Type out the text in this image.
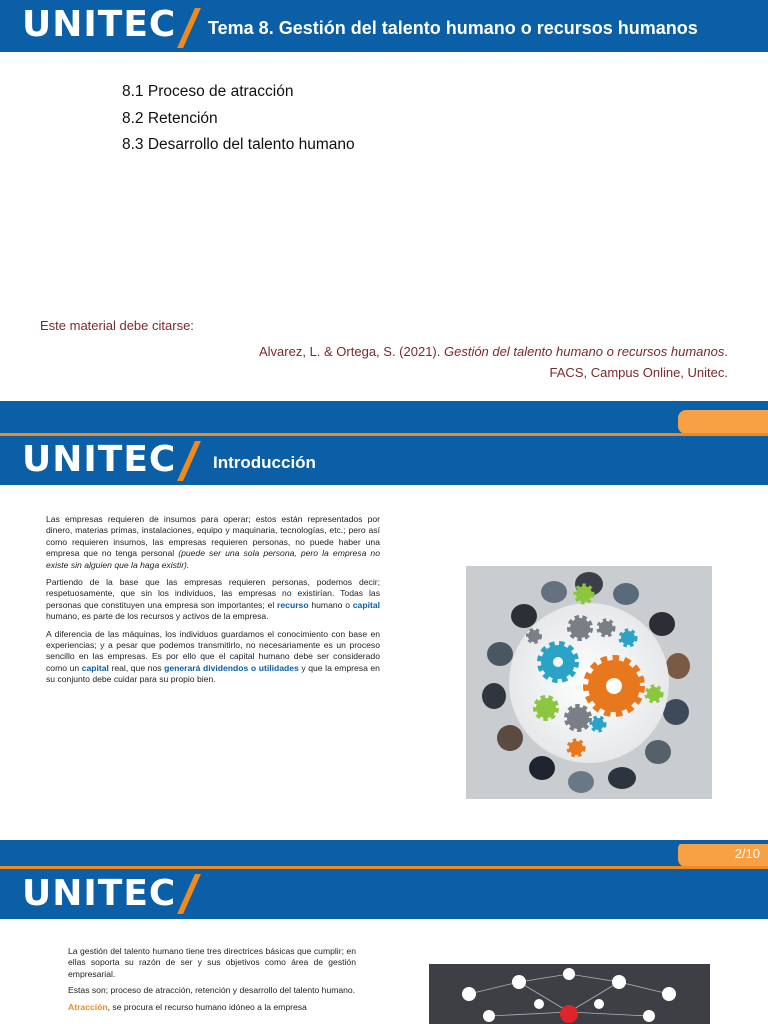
UNITEC Tema 8. Gestión del talento humano o recursos humanos
8.1 Proceso de atracción
8.2 Retención
8.3 Desarrollo del talento humano
Este material debe citarse:
Alvarez, L. & Ortega, S. (2021). Gestión del talento humano o recursos humanos.
FACS, Campus Online, Unitec.
UNITEC Introducción

Las empresas requieren de insumos para operar; estos están representados por dinero, materias primas, instalaciones, equipo y maquinaria, tecnologías, etc.; pero así como requieren insumos, las empresas requieren personas, no puede haber una empresa que no tenga personal (puede ser una sola persona, pero la empresa no existe sin alguien que la haga existir).

Partiendo de la base que las empresas requieren personas, podemos decir; respetuosamente, que sin los individuos, las empresas no existirían. Todas las personas que constituyen una empresa son importantes; el recurso humano o capital humano, es parte de los recursos y activos de la empresa.

A diferencia de las máquinas, los individuos guardamos el conocimiento con base en experiencias; y a pesar que podemos transmitirlo, no necesariamente es un proceso sencillo en las empresas. Es por ello que el capital humano debe ser considerado como un capital real, que nos generará dividendos o utilidades y que la empresa en su conjunto debe cuidar para su propio bien.

2/10
UNITEC

La gestión del talento humano tiene tres directrices básicas que cumplir; en ellas soporta su razón de ser y sus objetivos como área de gestión empresarial.

Estas son; proceso de atracción, retención y desarrollo del talento humano.

Atracción, se procura el recurso humano idóneo a la empresa
